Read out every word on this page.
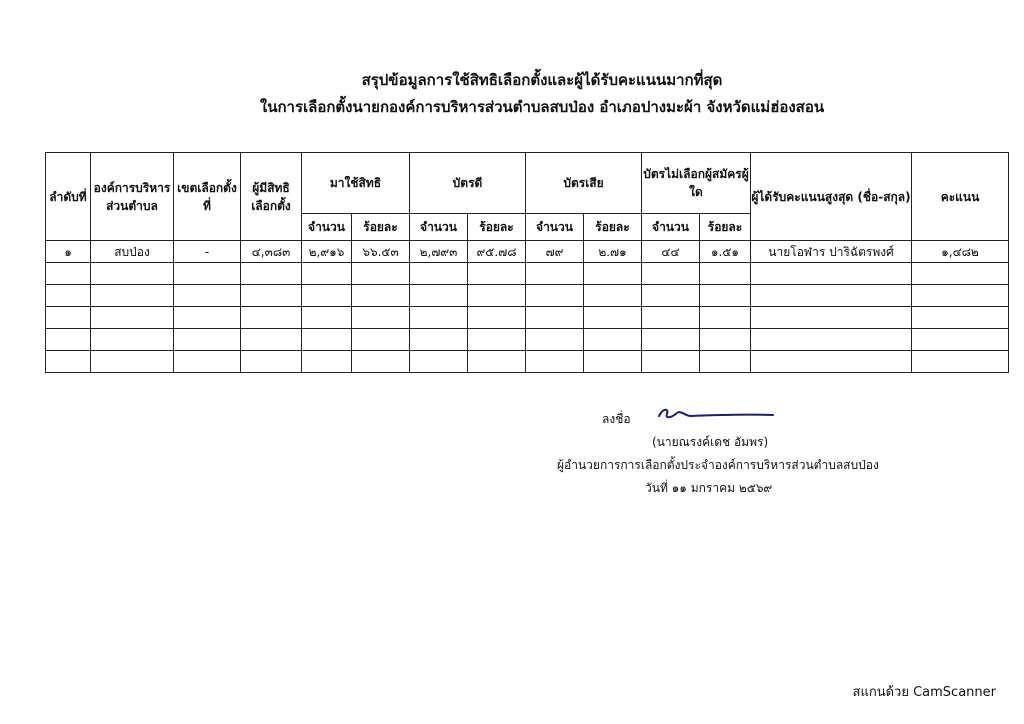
สรุปข้อมูลการใช้สิทธิเลือกตั้งและผู้ได้รับคะแนนมากที่สุด
ในการเลือกตั้งนายกองค์การบริหารส่วนตำบลสบป่อง อำเภอปางมะผ้า จังหวัดแม่ฮ่องสอน
ลำดับที่	องค์การบริหารส่วนตำบล	เขตเลือกตั้งที่	ผู้มีสิทธิเลือกตั้ง	มาใช้สิทธิ		บัตรดี		บัตรเสีย		บัตรไม่เลือกผู้สมัครผู้ใด		ผู้ได้รับคะแนนสูงสุด (ชื่อ-สกุล)	คะแนน
				จำนวน	ร้อยละ	จำนวน	ร้อยละ	จำนวน	ร้อยละ	จำนวน	ร้อยละ		
๑	สบป่อง	-	๔,๓๘๓	๒,๙๑๖	๖๖.๕๓	๒,๗๙๓	๙๕.๗๘	๗๙	๒.๗๑	๔๔	๑.๕๑	นายโอฬาร ปาริฉัตรพงศ์	๑,๔๘๒

ลงชื่อ
(นายณรงค์เดช อัมพร)
ผู้อำนวยการการเลือกตั้งประจำองค์การบริหารส่วนตำบลสบป่อง
วันที่ ๑๑ มกราคม ๒๕๖๙
สแกนด้วย CamScanner
